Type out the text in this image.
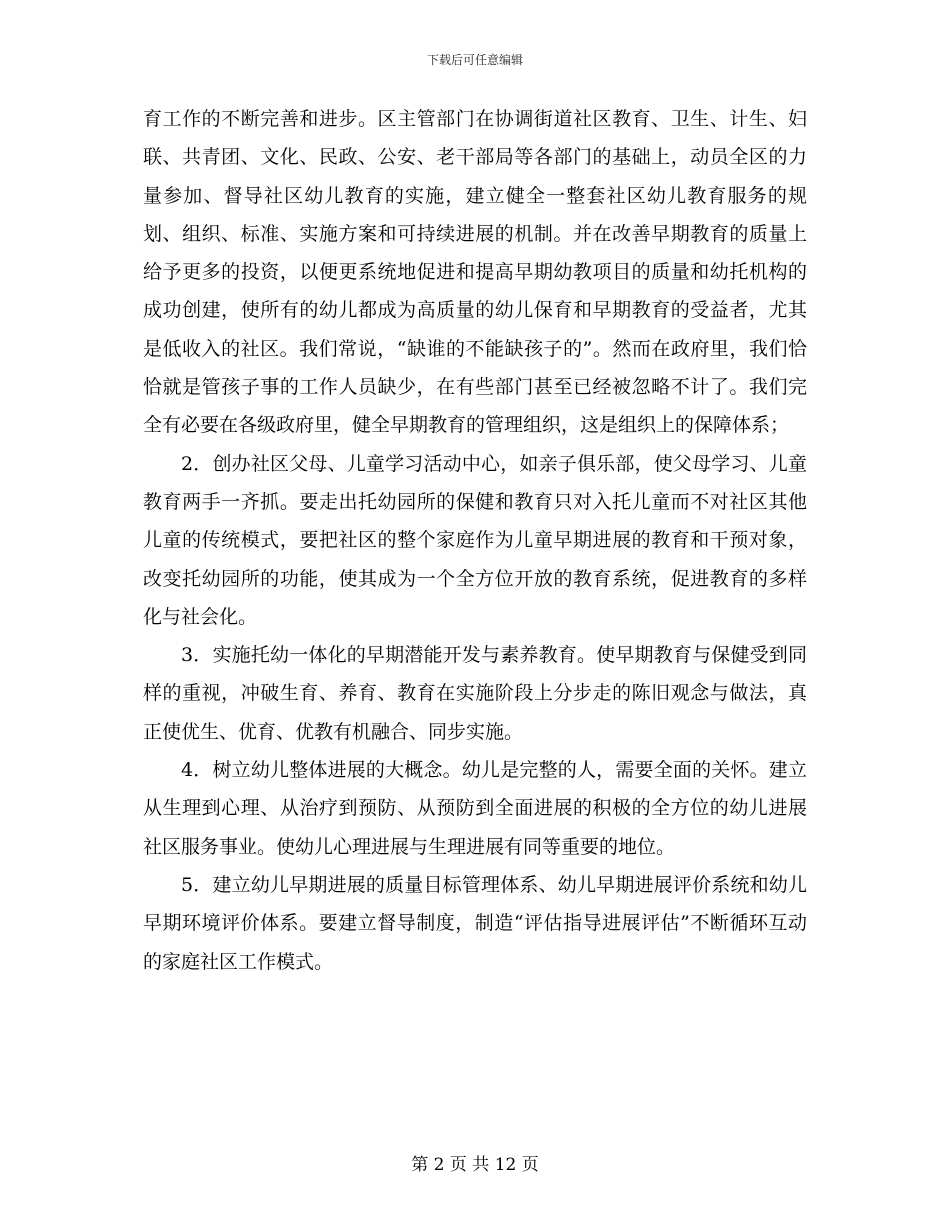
下载后可任意编辑

育工作的不断完善和进步。区主管部门在协调街道社区教育、卫生、计生、妇联、共青团、文化、民政、公安、老干部局等各部门的基础上，动员全区的力量参加、督导社区幼儿教育的实施，建立健全一整套社区幼儿教育服务的规划、组织、标准、实施方案和可持续进展的机制。并在改善早期教育的质量上给予更多的投资，以便更系统地促进和提高早期幼教项目的质量和幼托机构的成功创建，使所有的幼儿都成为高质量的幼儿保育和早期教育的受益者，尤其是低收入的社区。我们常说，“缺谁的不能缺孩子的”。然而在政府里，我们恰恰就是管孩子事的工作人员缺少，在有些部门甚至已经被忽略不计了。我们完全有必要在各级政府里，健全早期教育的管理组织，这是组织上的保障体系；

2．创办社区父母、儿童学习活动中心，如亲子俱乐部，使父母学习、儿童教育两手一齐抓。要走出托幼园所的保健和教育只对入托儿童而不对社区其他儿童的传统模式，要把社区的整个家庭作为儿童早期进展的教育和干预对象，改变托幼园所的功能，使其成为一个全方位开放的教育系统，促进教育的多样化与社会化。

3．实施托幼一体化的早期潜能开发与素养教育。使早期教育与保健受到同样的重视，冲破生育、养育、教育在实施阶段上分步走的陈旧观念与做法，真正使优生、优育、优教有机融合、同步实施。

4．树立幼儿整体进展的大概念。幼儿是完整的人，需要全面的关怀。建立从生理到心理、从治疗到预防、从预防到全面进展的积极的全方位的幼儿进展社区服务事业。使幼儿心理进展与生理进展有同等重要的地位。

5．建立幼儿早期进展的质量目标管理体系、幼儿早期进展评价系统和幼儿早期环境评价体系。要建立督导制度，制造“评估指导进展评估”不断循环互动的家庭社区工作模式。

第 2 页 共 12 页
